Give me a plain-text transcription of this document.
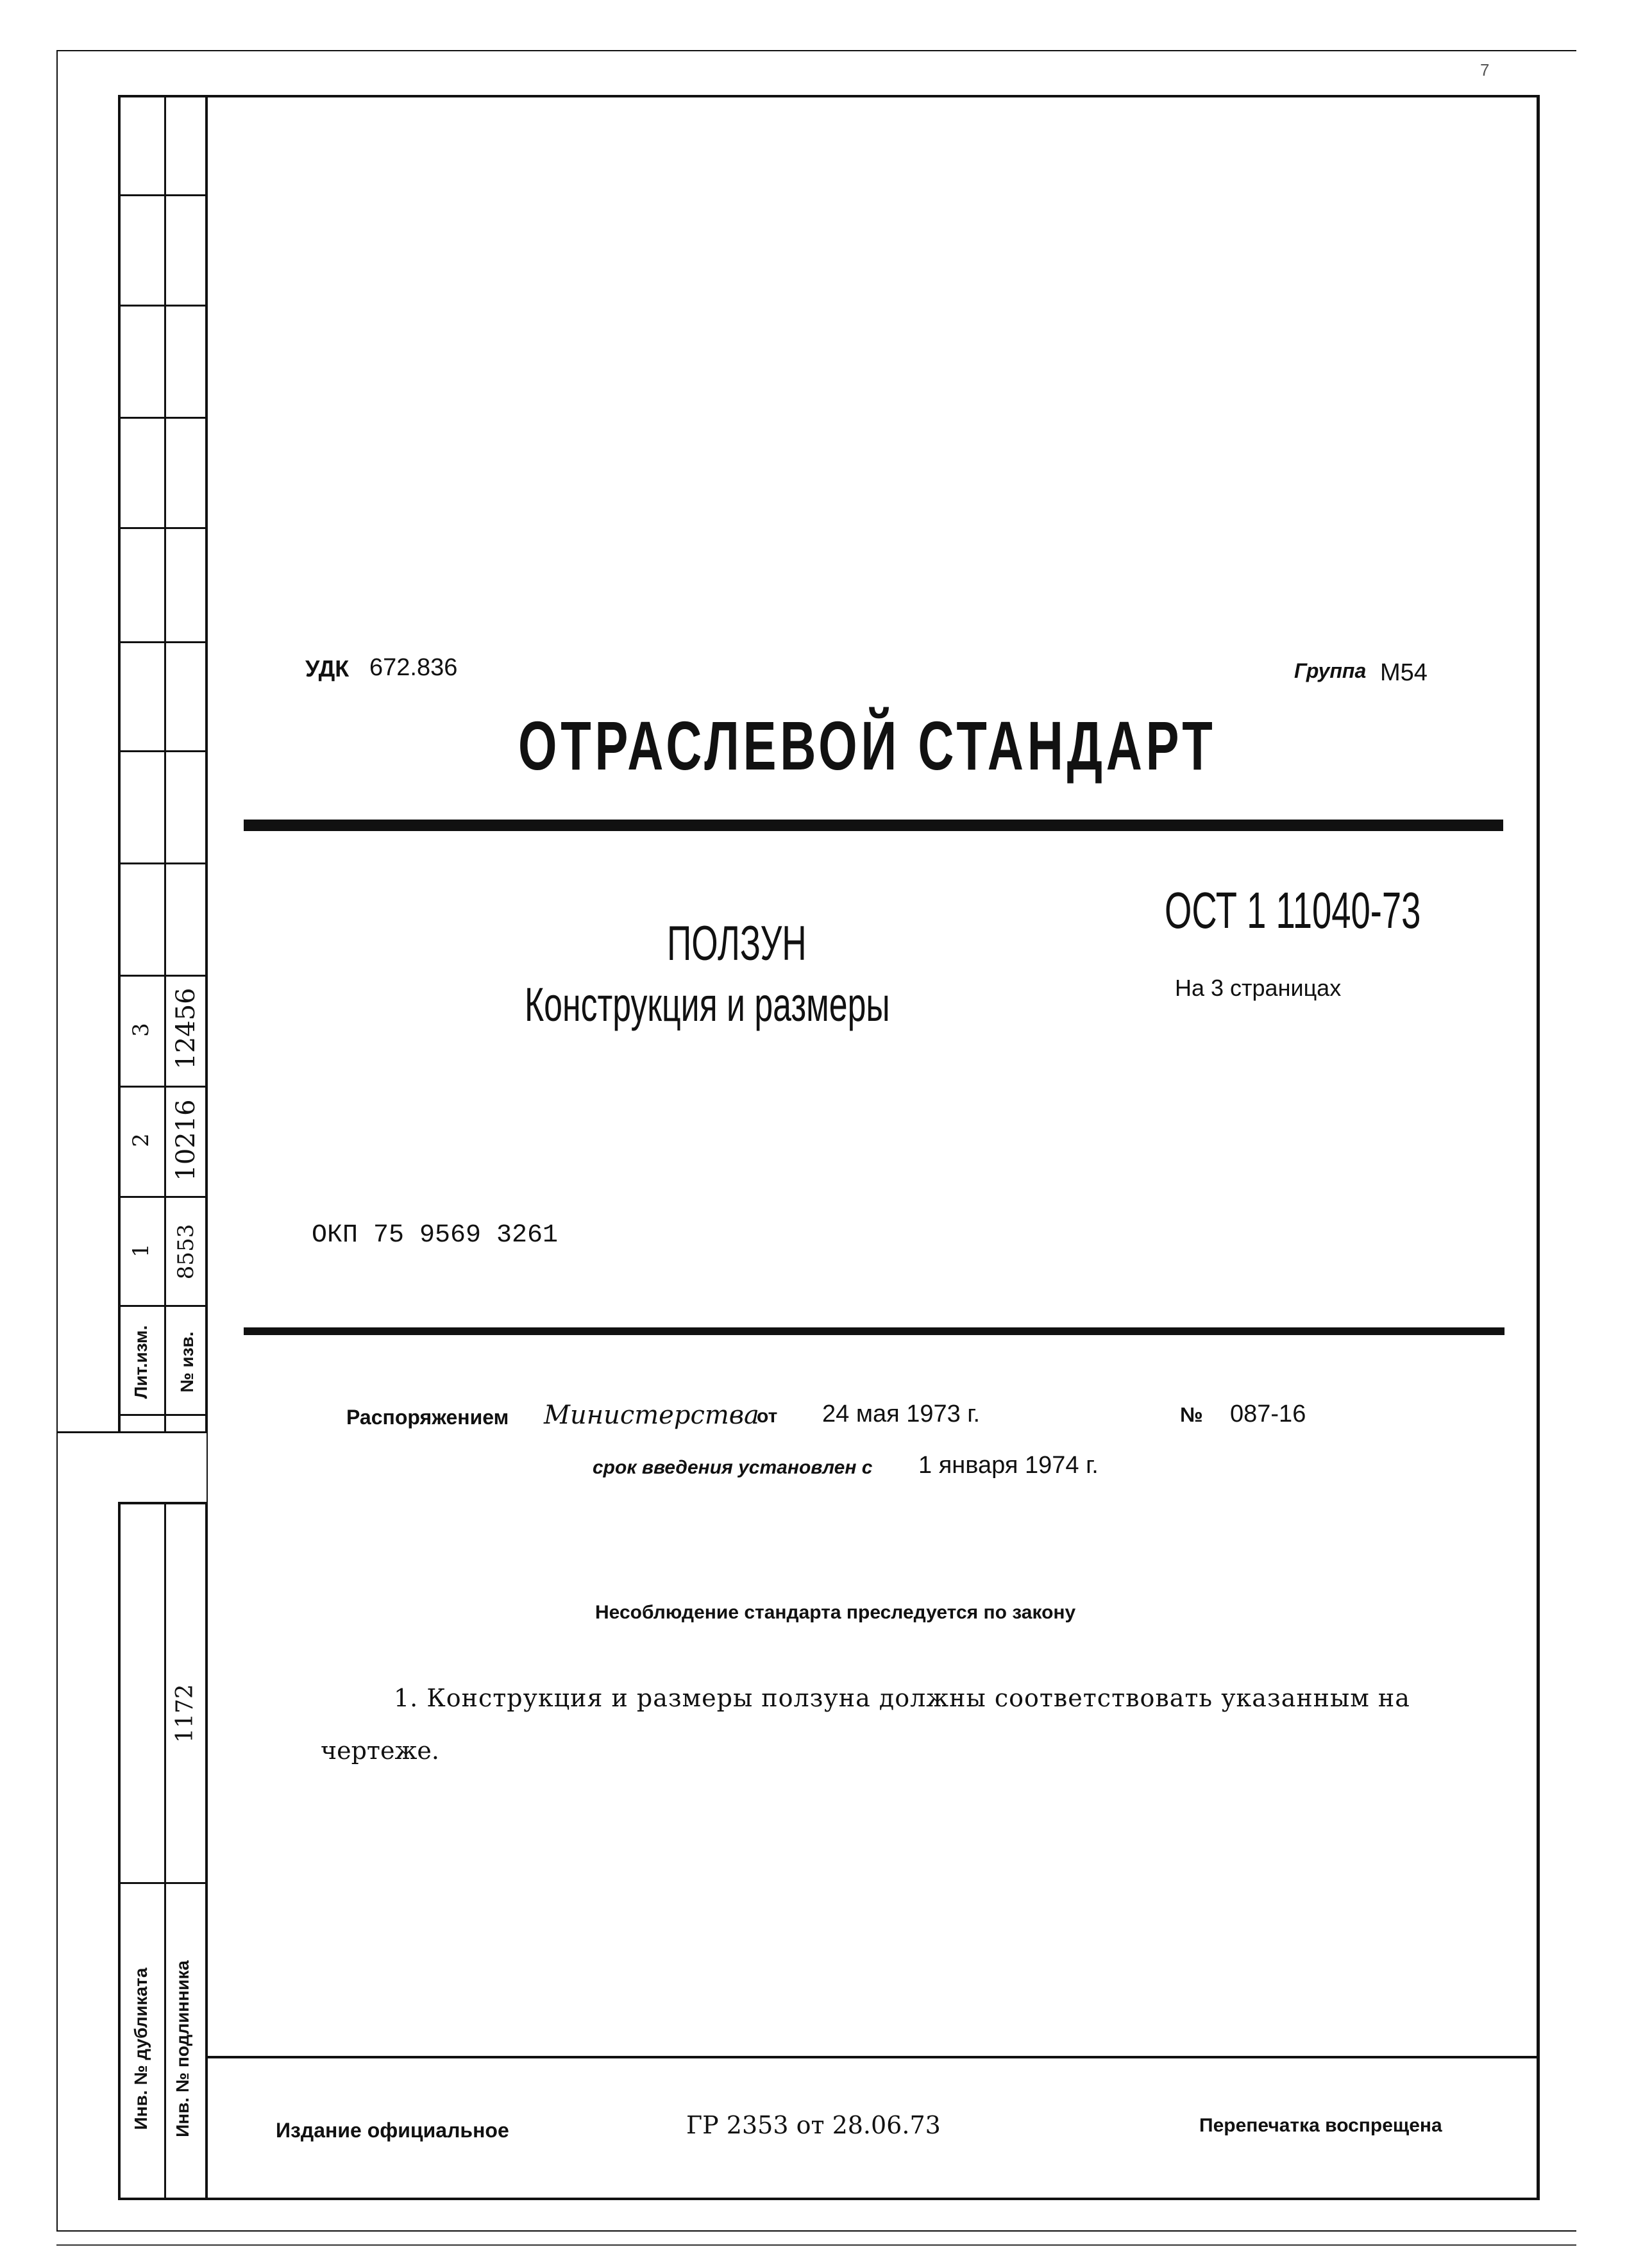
7
Лит.изм. № изв.
1 8553
2 10216
3 12456
Инв. № дубликата Инв. № подлинника
1172
УДК 672.836	Группа М54
ОТРАСЛЕВОЙ СТАНДАРТ
ОСТ 1 11040-73
ПОЛЗУН
Конструкция и размеры	На 3 страницах
ОКП 75 9569 3261
Распоряжением Министерства
от 24 мая 1973 г.	№ 087-16
срок введения установлен с 1 января 1974 г.
Несоблюдение стандарта преследуется по закону
1. Конструкция и размеры ползуна должны соответствовать указанным на
чертеже.
Издание официальное	ГР 2353 от 28.06.73	Перепечатка воспрещена
